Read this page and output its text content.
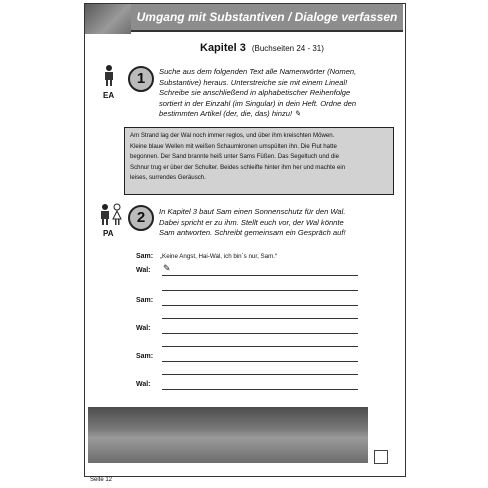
Umgang mit Substantiven / Dialoge verfassen
Kapitel 3 (Buchseiten 24 - 31)
EA
1	Suche aus dem folgenden Text alle Namenwörter (Nomen,
Substantive) heraus. Unterstreiche sie mit einem Lineal!
Schreibe sie anschließend in alphabetischer Reihenfolge
sortiert in der Einzahl (im Singular) in dein Heft. Ordne den
bestimmten Artikel (der, die, das) hinzu! ✎
Am Strand lag der Wal noch immer reglos, und über ihm kreischten Möwen.
Kleine blaue Wellen mit weißen Schaumkronen umspülten ihn. Die Flut hatte
begonnen. Der Sand brannte heiß unter Sams Füßen. Das Segeltuch und die
Schnur trug er über der Schulter. Beides schleifte hinter ihm her und machte ein
leises, surrendes Geräusch.
PA
2	In Kapitel 3 baut Sam einen Sonnenschutz für den Wal.
Dabei spricht er zu ihm. Stellt euch vor, der Wal könnte
Sam antworten. Schreibt gemeinsam ein Gespräch auf!
Sam: „Keine Angst, Hai-Wal, ich bin´s nur, Sam.“
Wal: ✎
Sam:
Wal:
Sam:
Wal:
Seite 12
